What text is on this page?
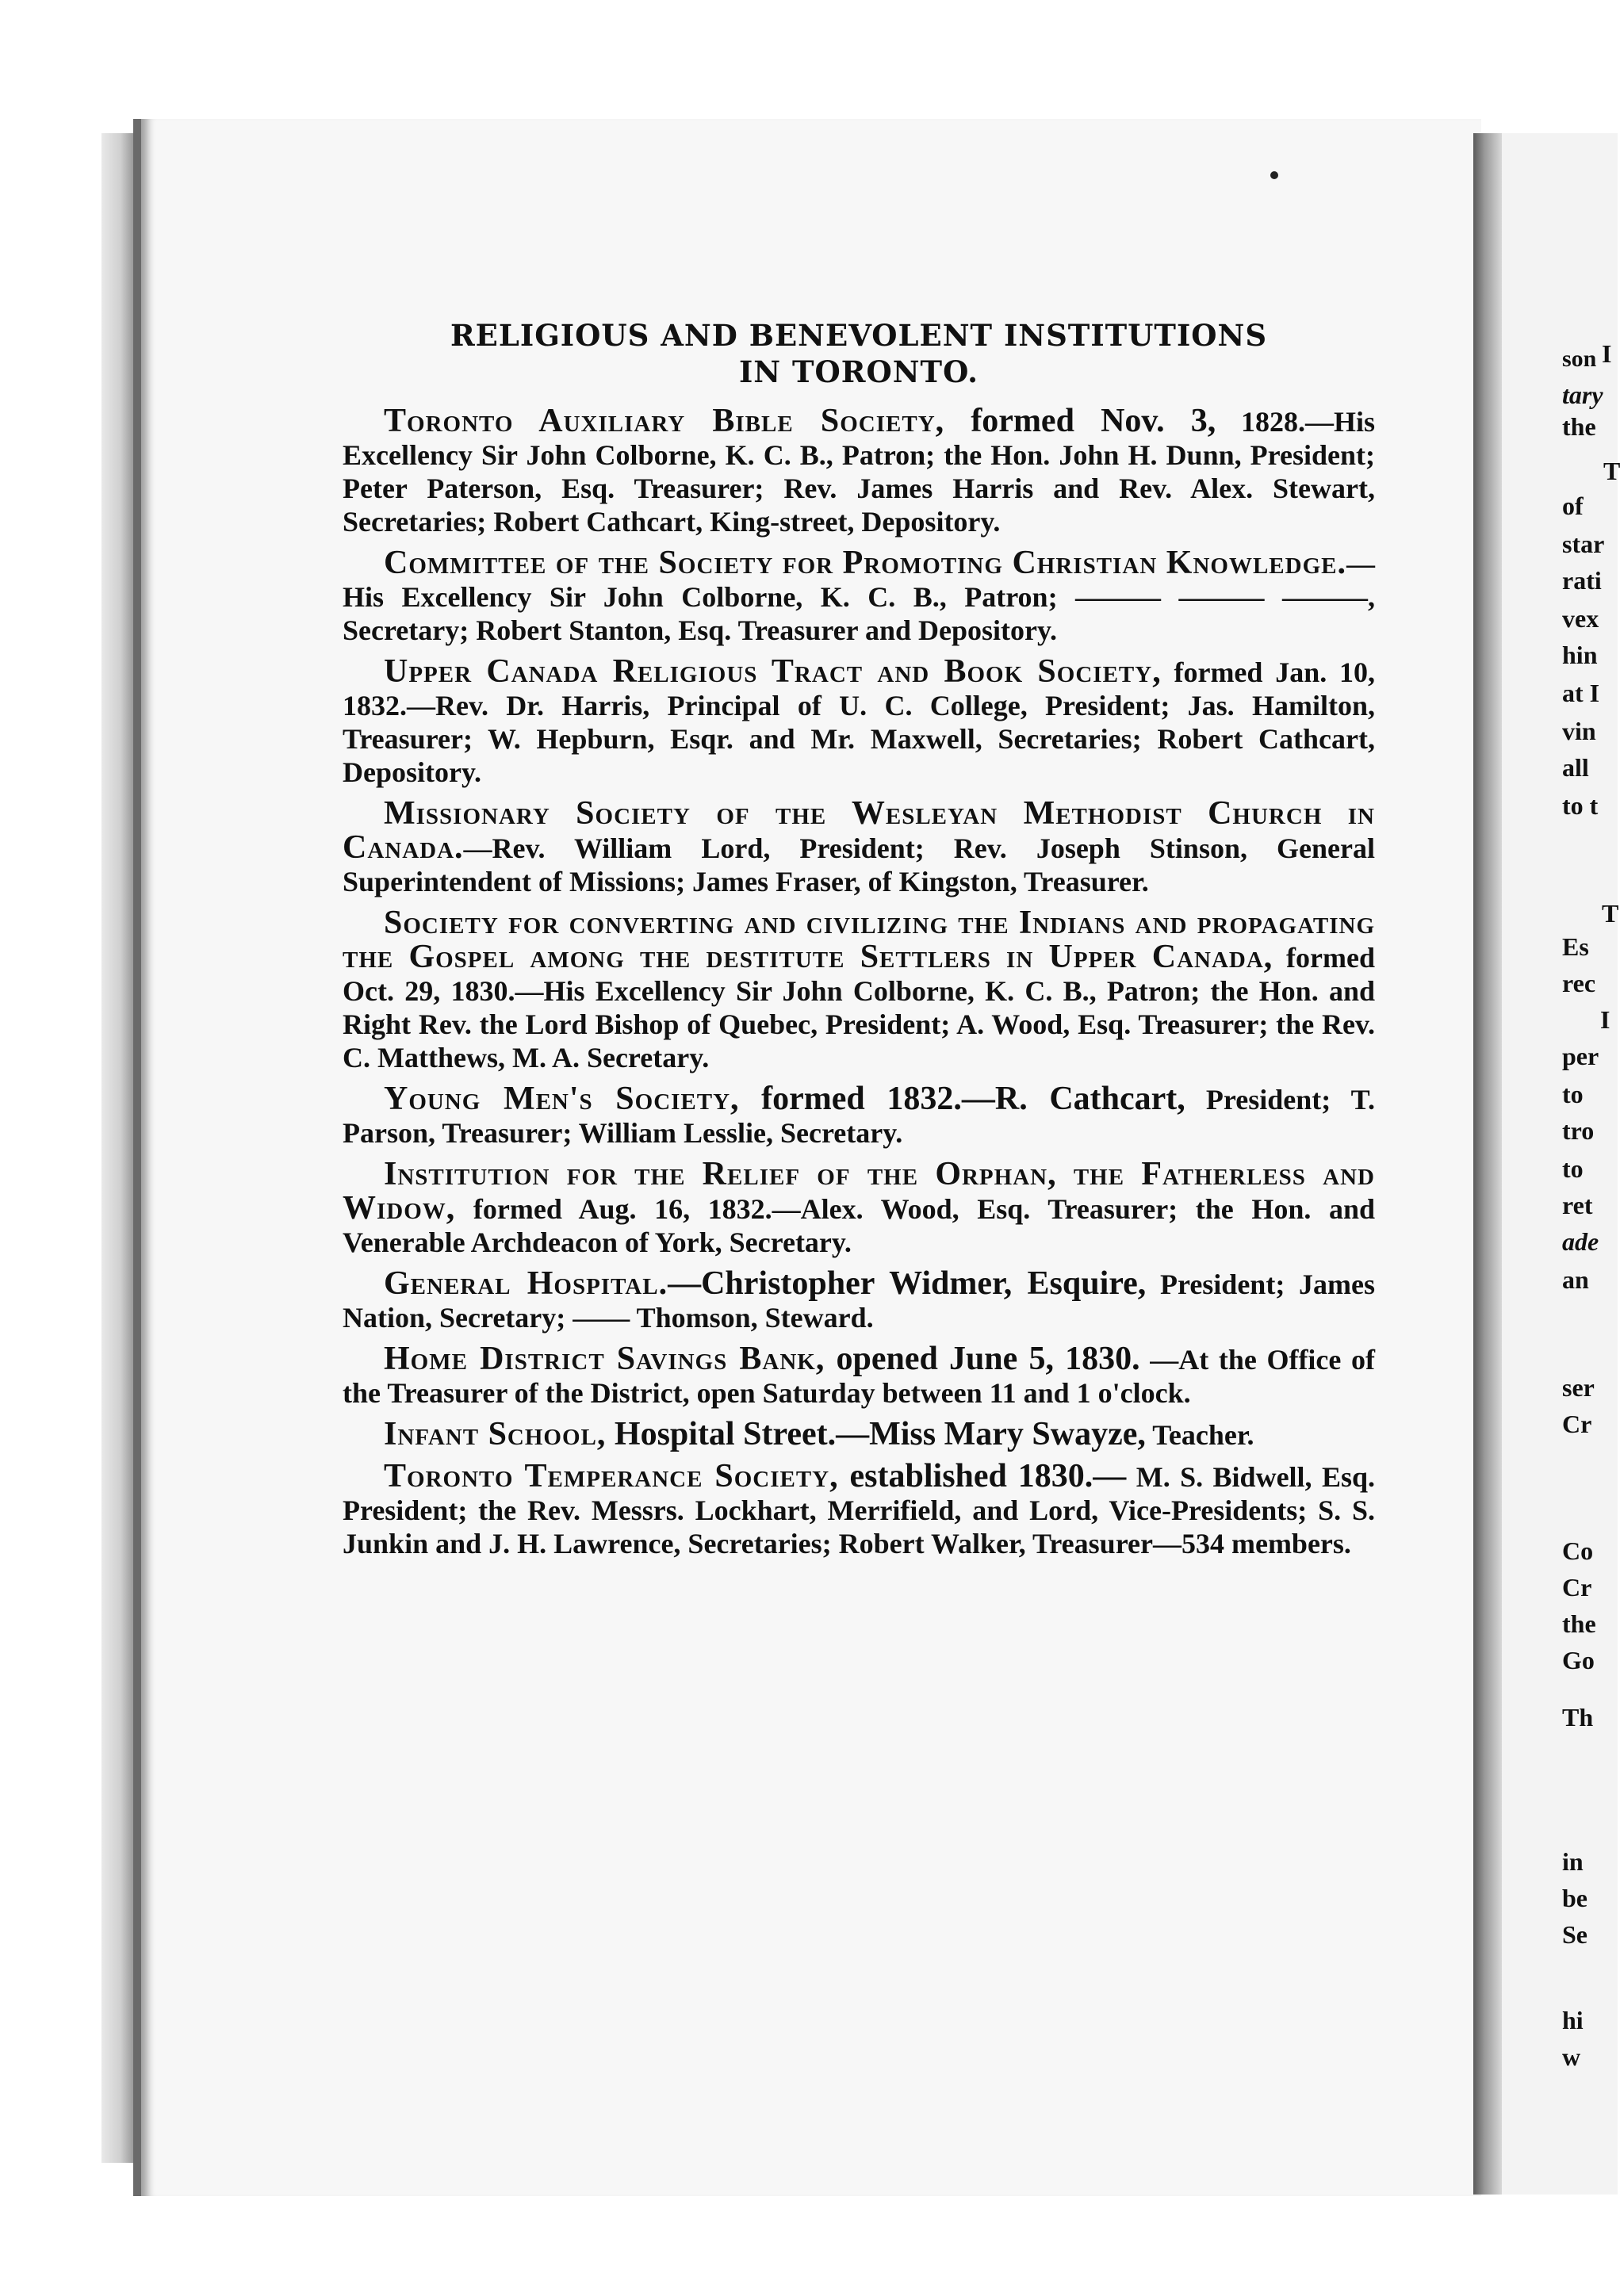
I
son
tary
the
T
of
star
rati
vex
hin
at I
vin
all
to t
T
Es
rec
I
per
to
tro
to
ret
ade
an
ser
Cr
Co
Cr
the
Go
Th
in
be
Se
hi
w
RELIGIOUS AND BENEVOLENT INSTITUTIONS
IN TORONTO.

Toronto Auxiliary Bible Society, formed Nov. 3, 1828.—His Excellency Sir John Colborne, K. C. B., Patron; the Hon. John H. Dunn, President; Peter Paterson, Esq. Treasurer; Rev. James Harris and Rev. Alex. Stewart, Secretaries; Robert Cathcart, King-street, Depository.

Committee of the Society for Promoting Christian Knowledge.—His Excellency Sir John Colborne, K. C. B., Patron; ——— ——— ———, Secretary; Robert Stanton, Esq. Treasurer and Depository.

Upper Canada Religious Tract and Book Society, formed Jan. 10, 1832.—Rev. Dr. Harris, Principal of U. C. College, President; Jas. Hamilton, Treasurer; W. Hepburn, Esqr. and Mr. Maxwell, Secretaries; Robert Cathcart, Depository.

Missionary Society of the Wesleyan Methodist Church in Canada.—Rev. William Lord, President; Rev. Joseph Stinson, General Superintendent of Missions; James Fraser, of Kingston, Treasurer.

Society for converting and civilizing the Indians and propagating the Gospel among the destitute Settlers in Upper Canada, formed Oct. 29, 1830.—His Excellency Sir John Colborne, K. C. B., Patron; the Hon. and Right Rev. the Lord Bishop of Quebec, President; A. Wood, Esq. Treasurer; the Rev. C. Matthews, M. A. Secretary.

Young Men's Society, formed 1832.—R. Cathcart, President; T. Parson, Treasurer; William Lesslie, Secretary.

Institution for the Relief of the Orphan, the Fatherless and Widow, formed Aug. 16, 1832.—Alex. Wood, Esq. Treasurer; the Hon. and Venerable Archdeacon of York, Secretary.

General Hospital.—Christopher Widmer, Esquire, President; James Nation, Secretary; —— Thomson, Steward.

Home District Savings Bank, opened June 5, 1830. —At the Office of the Treasurer of the District, open Saturday between 11 and 1 o'clock.

Infant School, Hospital Street.—Miss Mary Swayze, Teacher.

Toronto Temperance Society, established 1830.— M. S. Bidwell, Esq. President; the Rev. Messrs. Lockhart, Merrifield, and Lord, Vice-Presidents; S. S. Junkin and J. H. Lawrence, Secretaries; Robert Walker, Treasurer—534 members.
